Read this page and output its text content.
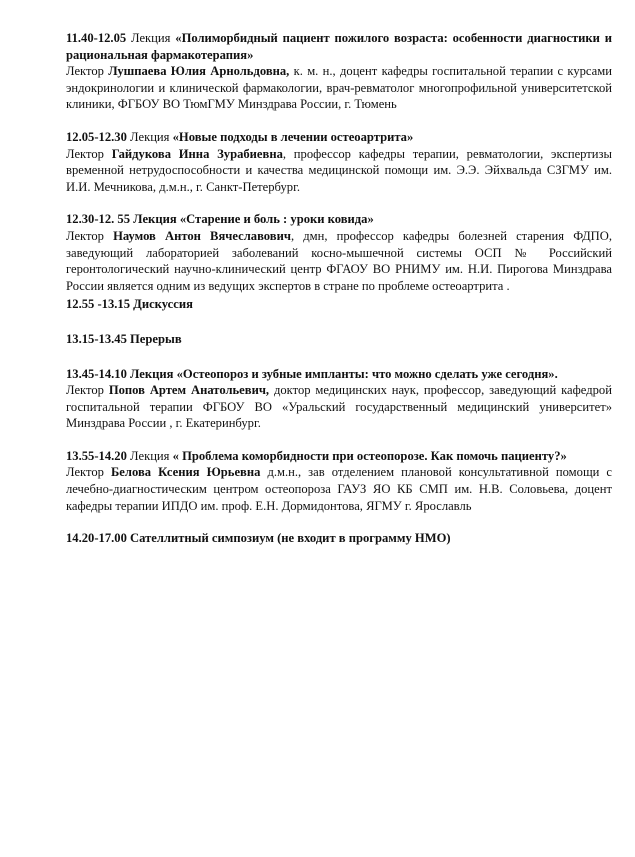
11.40-12.05 Лекция «Полиморбидный пациент пожилого возраста: особенности диагностики и рациональная фармакотерапия»

Лектор Лушпаева Юлия Арнольдовна, к. м. н., доцент кафедры госпитальной терапии с курсами эндокринологии и клинической фармакологии, врач-ревматолог многопрофильной университетской клиники, ФГБОУ ВО ТюмГМУ Минздрава России, г. Тюмень

12.05-12.30 Лекция «Новые подходы в лечении остеоартрита»

Лектор Гайдукова Инна Зурабиевна, профессор кафедры терапии, ревматологии, экспертизы временной нетрудоспособности и качества медицинской помощи им. Э.Э. Эйхвальда СЗГМУ им. И.И. Мечникова, д.м.н., г. Санкт-Петербург.

12.30-12. 55 Лекция «Старение и боль : уроки ковида»

Лектор Наумов Антон Вячеславович, дмн, профессор кафедры болезней старения ФДПО, заведующий лабораторией заболеваний косно-мышечной системы ОСП № Российский геронтологический научно-клинический центр ФГАОУ ВО РНИМУ им. Н.И. Пирогова Минздрава России является одним из ведущих экспертов в стране по проблеме остеоартрита .

12.55 -13.15 Дискуссия

13.15-13.45 Перерыв

13.45-14.10 Лекция «Остеопороз и зубные импланты: что можно сделать уже сегодня».

Лектор Попов Артем Анатольевич, доктор медицинских наук, профессор, заведующий кафедрой госпитальной терапии ФГБОУ ВО «Уральский государственный медицинский университет» Минздрава России , г. Екатеринбург.

13.55-14.20 Лекция « Проблема коморбидности при остеопорозе. Как помочь пациенту?»

Лектор Белова Ксения Юрьевна д.м.н., зав отделением плановой консультативной помощи с лечебно-диагностическим центром остеопороза ГАУЗ ЯО КБ СМП им. Н.В. Соловьева, доцент кафедры терапии ИПДО им. проф. Е.Н. Дормидонтова, ЯГМУ г. Ярославль

14.20-17.00 Сателлитный симпозиум (не входит в программу НМО)
